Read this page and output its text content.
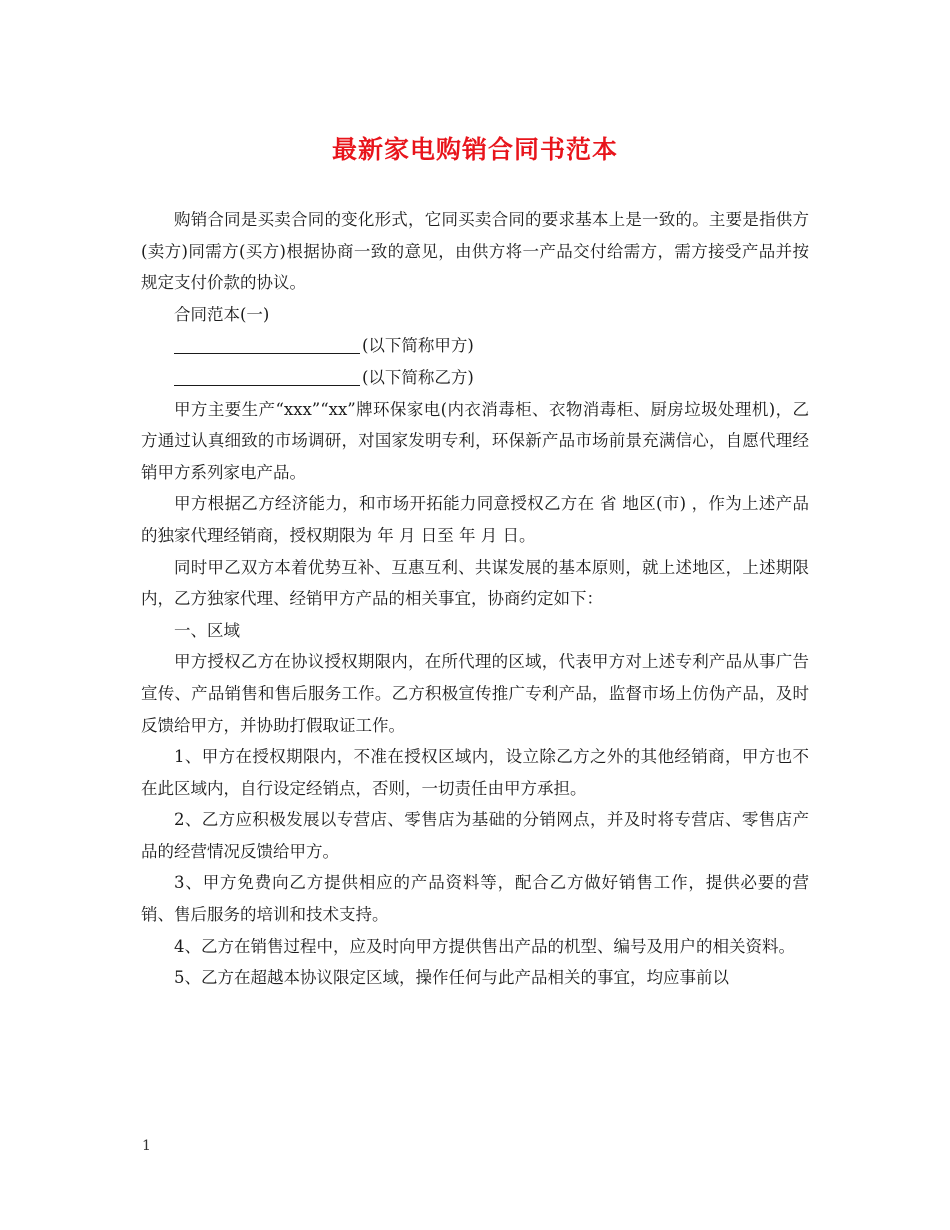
最新家电购销合同书范本

购销合同是买卖合同的变化形式，它同买卖合同的要求基本上是一致的。主要是指供方(卖方)同需方(买方)根据协商一致的意见，由供方将一产品交付给需方，需方接受产品并按规定支付价款的协议。

合同范本(一)

(以下简称甲方)

(以下简称乙方)

甲方主要生产“xxx”“xx”牌环保家电(内衣消毒柜、衣物消毒柜、厨房垃圾处理机)，乙方通过认真细致的市场调研，对国家发明专利，环保新产品市场前景充满信心，自愿代理经销甲方系列家电产品。

甲方根据乙方经济能力，和市场开拓能力同意授权乙方在 省 地区(市) ，作为上述产品的独家代理经销商，授权期限为 年 月 日至 年 月 日。

同时甲乙双方本着优势互补、互惠互利、共谋发展的基本原则，就上述地区，上述期限内，乙方独家代理、经销甲方产品的相关事宜，协商约定如下：

一、区域

甲方授权乙方在协议授权期限内，在所代理的区域，代表甲方对上述专利产品从事广告宣传、产品销售和售后服务工作。乙方积极宣传推广专利产品，监督市场上仿伪产品，及时反馈给甲方，并协助打假取证工作。

1、甲方在授权期限内，不准在授权区域内，设立除乙方之外的其他经销商，甲方也不在此区域内，自行设定经销点，否则，一切责任由甲方承担。

2、乙方应积极发展以专营店、零售店为基础的分销网点，并及时将专营店、零售店产品的经营情况反馈给甲方。

3、甲方免费向乙方提供相应的产品资料等，配合乙方做好销售工作，提供必要的营销、售后服务的培训和技术支持。

4、乙方在销售过程中，应及时向甲方提供售出产品的机型、编号及用户的相关资料。

5、乙方在超越本协议限定区域，操作任何与此产品相关的事宜，均应事前以

1
